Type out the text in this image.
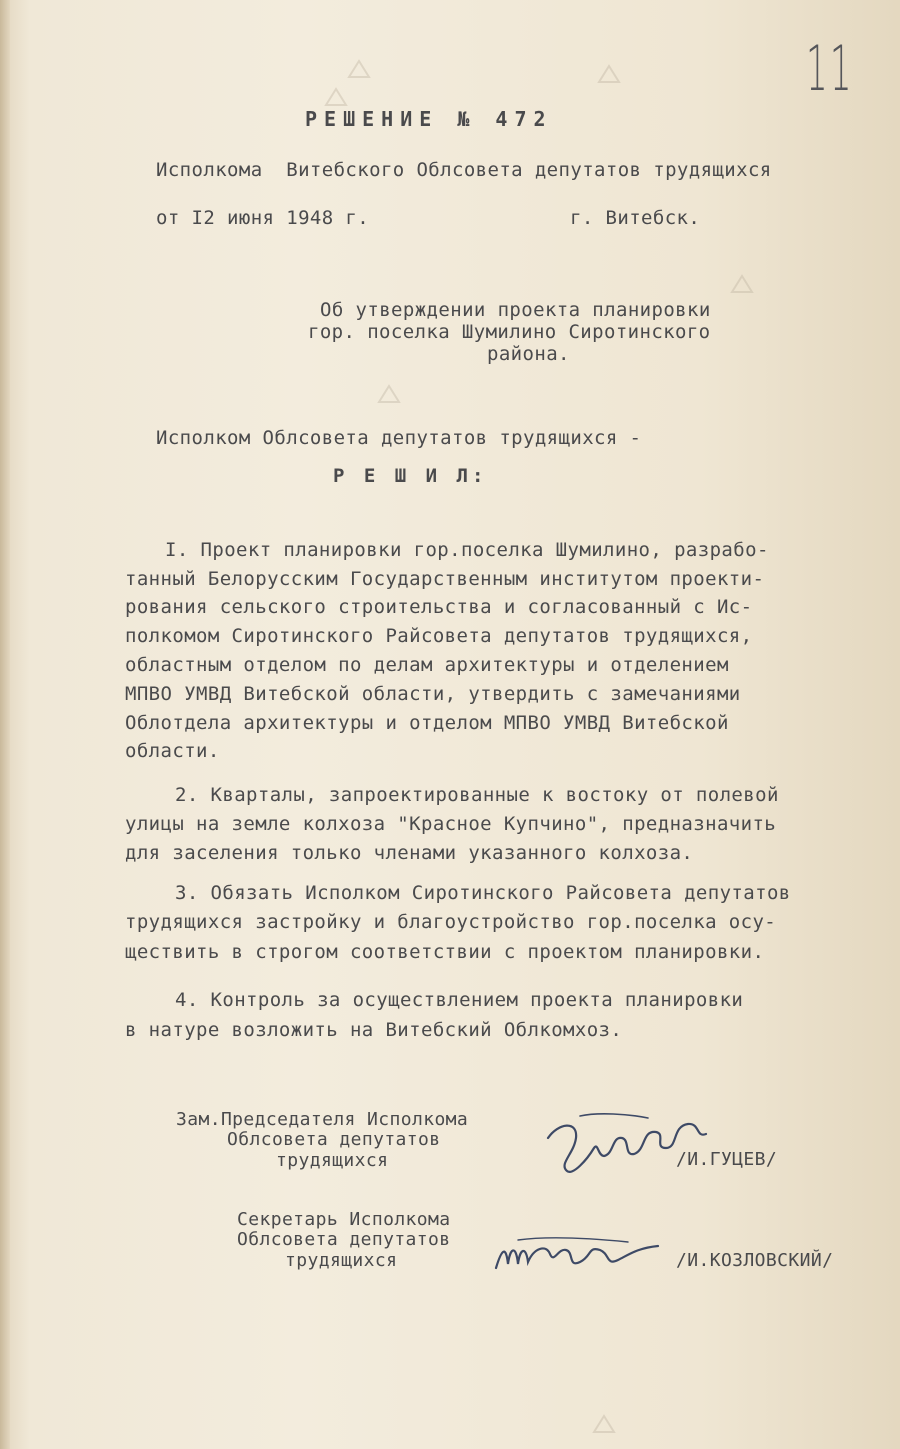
11
РЕШЕНИЕ № 472
Исполкома  Витебского Облсовета депутатов трудящихся
от I2 июня 1948 г.	г. Витебск.
Об утверждении проекта планировки
гор. поселка Шумилино Сиротинского
района.
Исполком Облсовета депутатов трудящихся -
Р Е Ш И Л:
I. Проект планировки гор.поселка Шумилино, разрабо-
танный Белорусским Государственным институтом проекти-
рования сельского строительства и согласованный с Ис-
полкомом Сиротинского Райсовета депутатов трудящихся,
областным отделом по делам архитектуры и отделением
МПВО УМВД Витебской области, утвердить с замечаниями
Облотдела архитектуры и отделом МПВО УМВД Витебской
области.
2. Кварталы, запроектированные к востоку от полевой
улицы на земле колхоза "Красное Купчино", предназначить
для заселения только членами указанного колхоза.
3. Обязать Исполком Сиротинского Райсовета депутатов
трудящихся застройку и благоустройство гор.поселка осу-
ществить в строгом соответствии с проектом планировки.
4. Контроль за осуществлением проекта планировки
в натуре возложить на Витебский Облкомхоз.
Зам.Председателя Исполкома
Облсовета депутатов
трудящихся	/И.ГУЦЕВ/
Секретарь Исполкома
Облсовета депутатов
трудящихся	/И.КОЗЛОВСКИЙ/
